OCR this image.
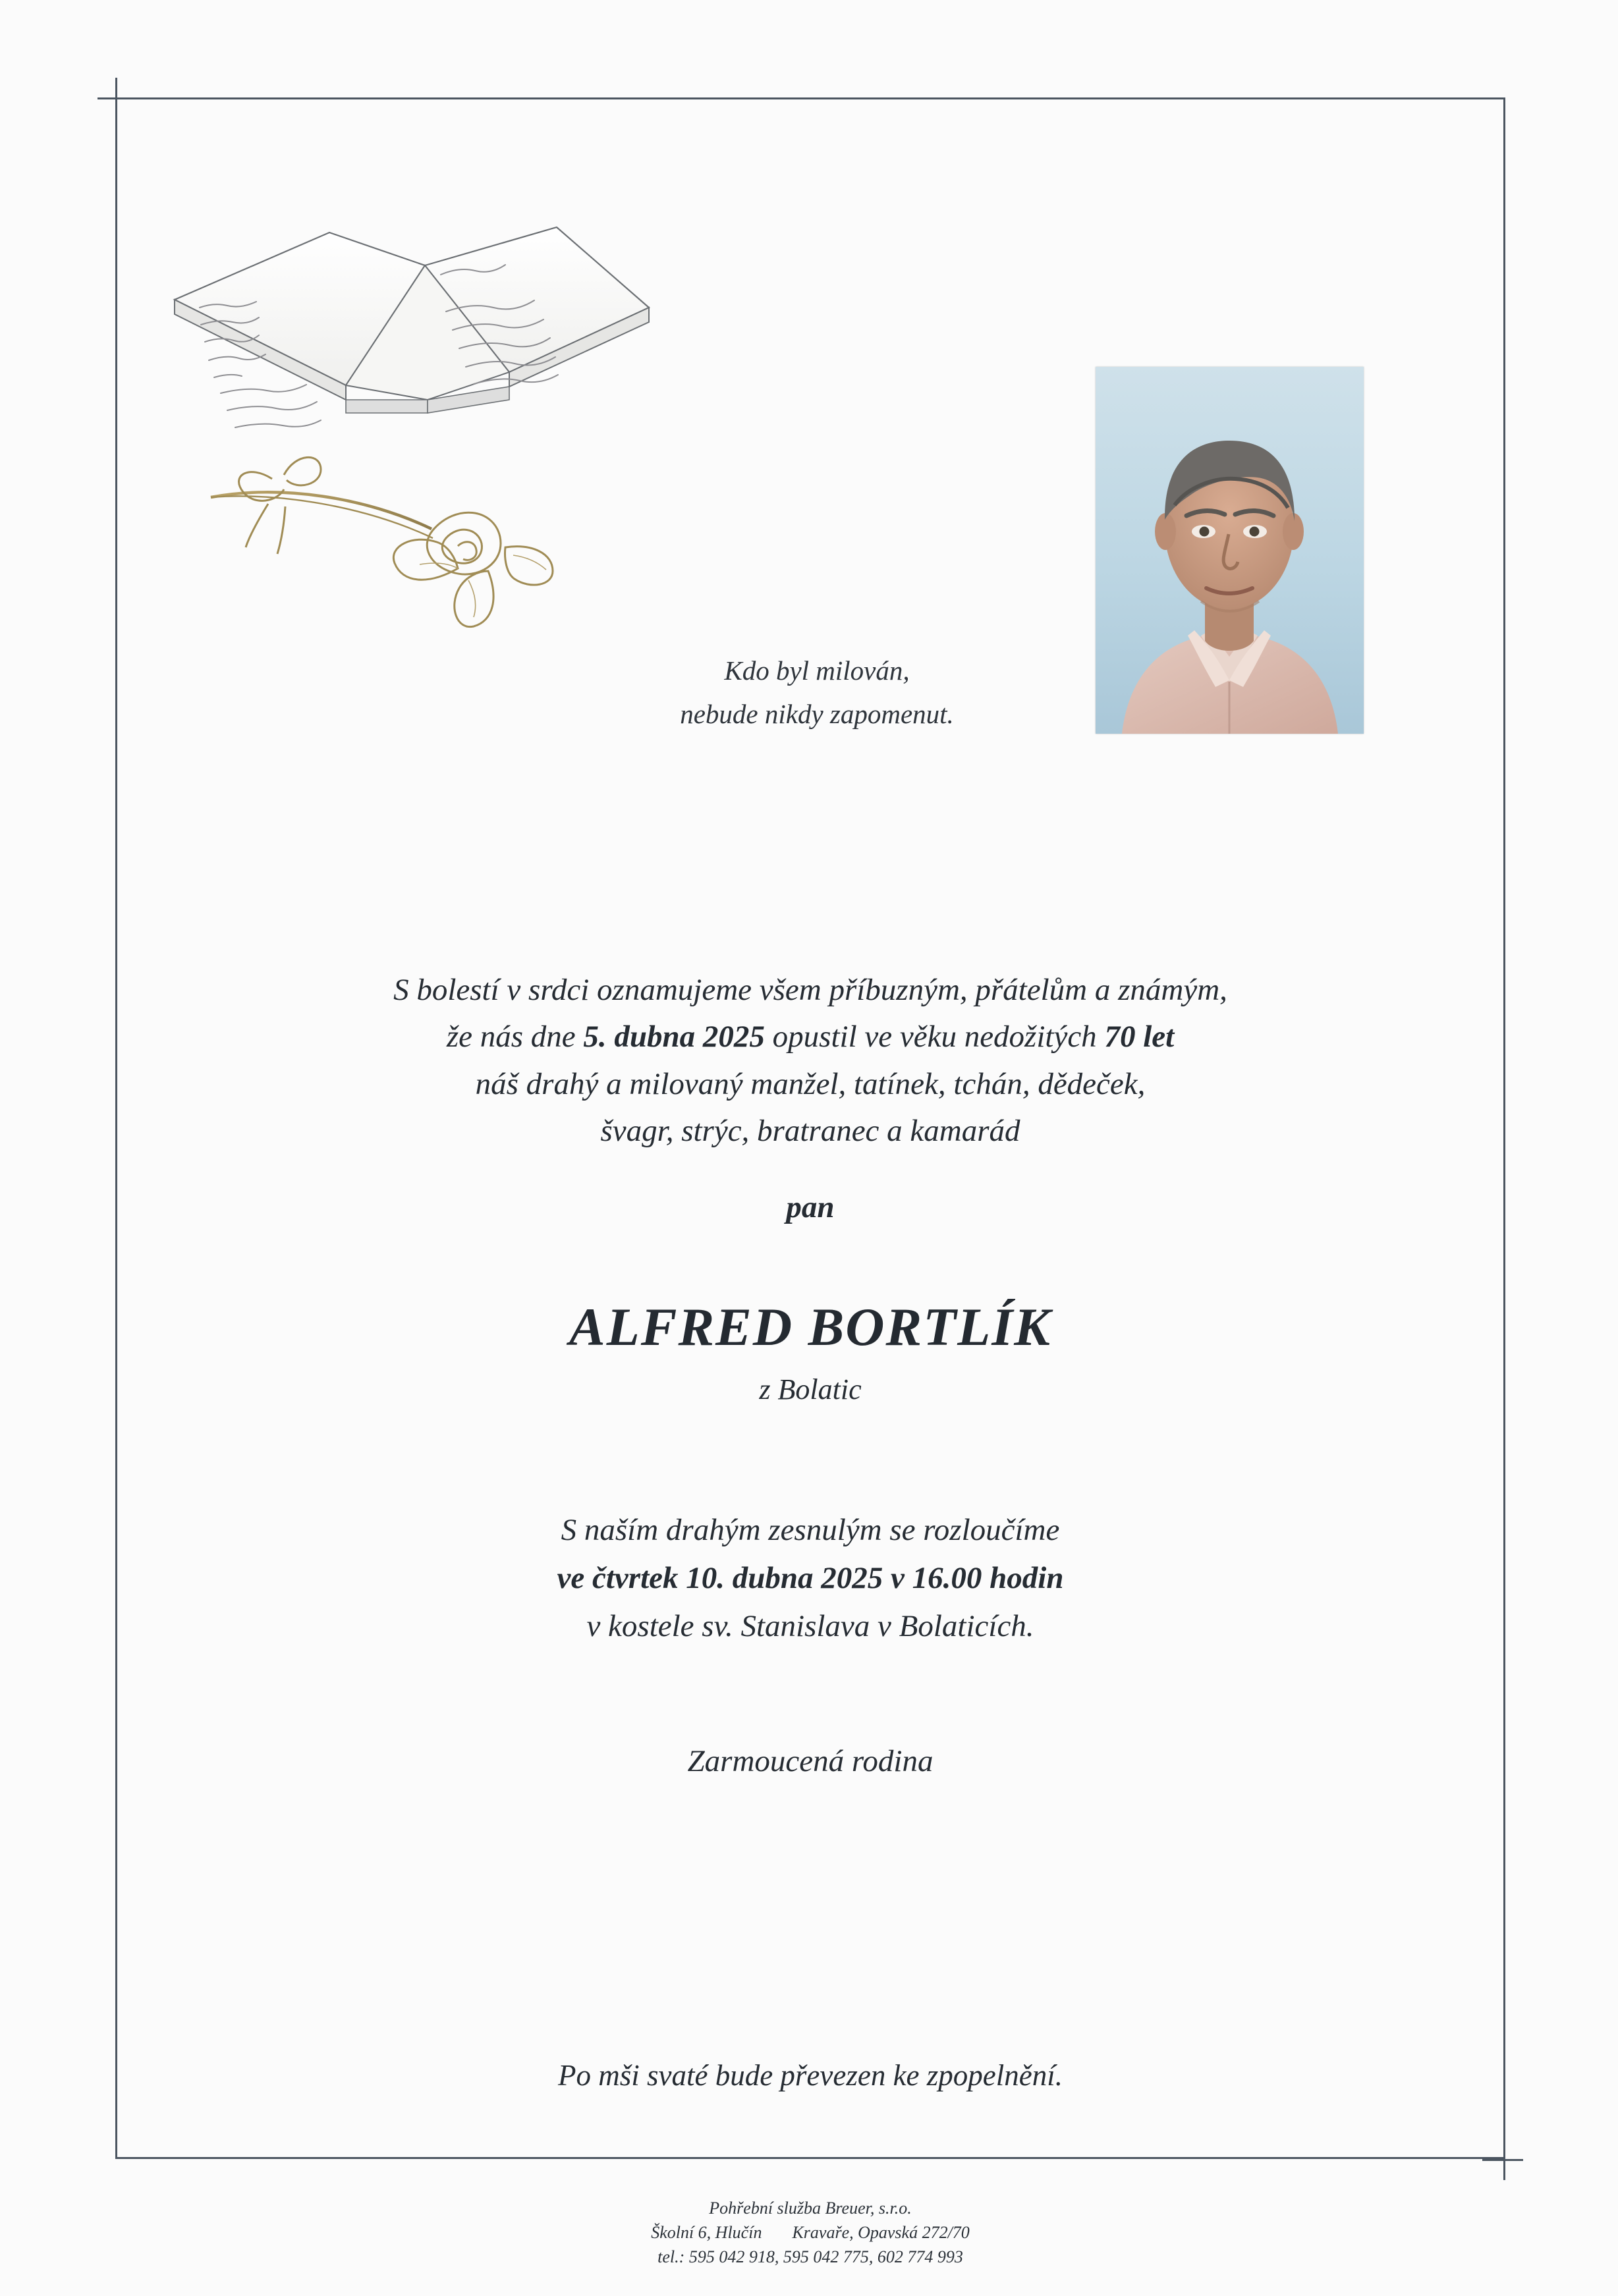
Kdo byl milován,
nebude nikdy zapomenut.
S bolestí v srdci oznamujeme všem příbuzným, přátelům a známým,
že nás dne 5. dubna 2025 opustil ve věku nedožitých 70 let
náš drahý a milovaný manžel, tatínek, tchán, dědeček,
švagr, strýc, bratranec a kamarád
pan
ALFRED BORTLÍK
z Bolatic
S naším drahým zesnulým se rozloučíme
ve čtvrtek 10. dubna 2025 v 16.00 hodin
v kostele sv. Stanislava v Bolaticích.
Zarmoucená rodina
Po mši svaté bude převezen ke zpopelnění.
Pohřební služba Breuer, s.r.o.
Školní 6, Hlučín Kravaře, Opavská 272/70
tel.: 595 042 918, 595 042 775, 602 774 993
